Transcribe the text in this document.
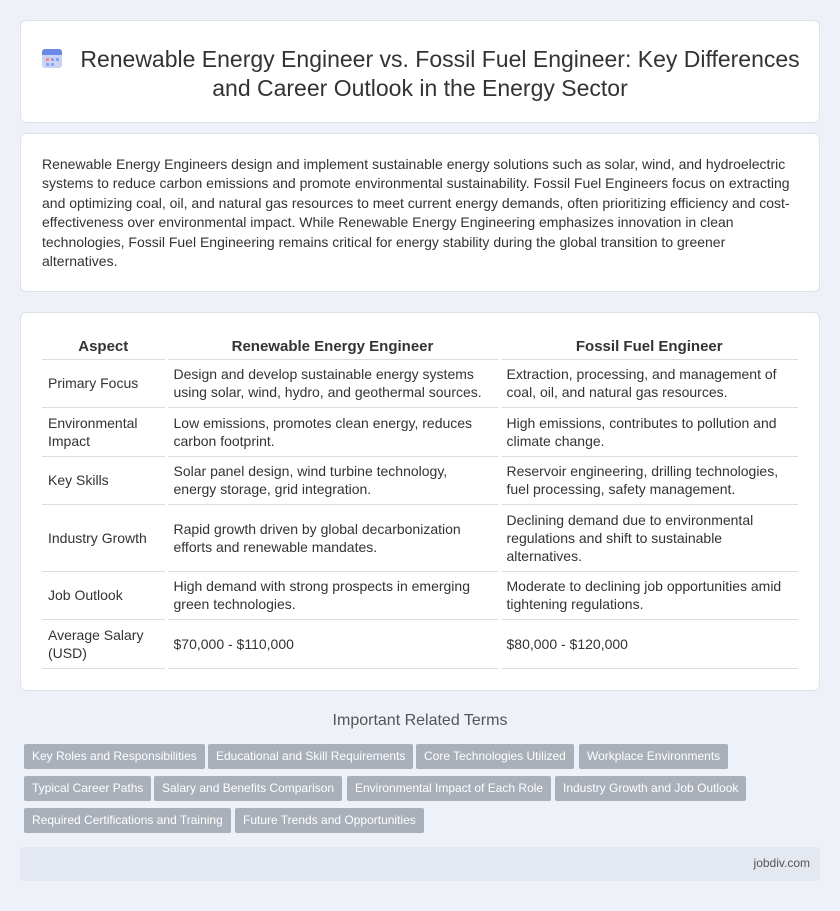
Renewable Energy Engineer vs. Fossil Fuel Engineer: Key Differences and Career Outlook in the Energy Sector

Renewable Energy Engineers design and implement sustainable energy solutions such as solar, wind, and hydroelectric systems to reduce carbon emissions and promote environmental sustainability. Fossil Fuel Engineers focus on extracting and optimizing coal, oil, and natural gas resources to meet current energy demands, often prioritizing efficiency and cost-effectiveness over environmental impact. While Renewable Energy Engineering emphasizes innovation in clean technologies, Fossil Fuel Engineering remains critical for energy stability during the global transition to greener alternatives.

Aspect	Renewable Energy Engineer	Fossil Fuel Engineer
Primary Focus	Design and develop sustainable energy systems using solar, wind, hydro, and geothermal sources.	Extraction, processing, and management of coal, oil, and natural gas resources.
Environmental Impact	Low emissions, promotes clean energy, reduces carbon footprint.	High emissions, contributes to pollution and climate change.
Key Skills	Solar panel design, wind turbine technology, energy storage, grid integration.	Reservoir engineering, drilling technologies, fuel processing, safety management.
Industry Growth	Rapid growth driven by global decarbonization efforts and renewable mandates.	Declining demand due to environmental regulations and shift to sustainable alternatives.
Job Outlook	High demand with strong prospects in emerging green technologies.	Moderate to declining job opportunities amid tightening regulations.
Average Salary (USD)	$70,000 - $110,000	$80,000 - $120,000
Important Related Terms
Key Roles and Responsibilities	Educational and Skill Requirements	Core Technologies Utilized	Workplace Environments
Typical Career Paths	Salary and Benefits Comparison	Environmental Impact of Each Role	Industry Growth and Job Outlook
Required Certifications and Training	Future Trends and Opportunities
jobdiv.com
